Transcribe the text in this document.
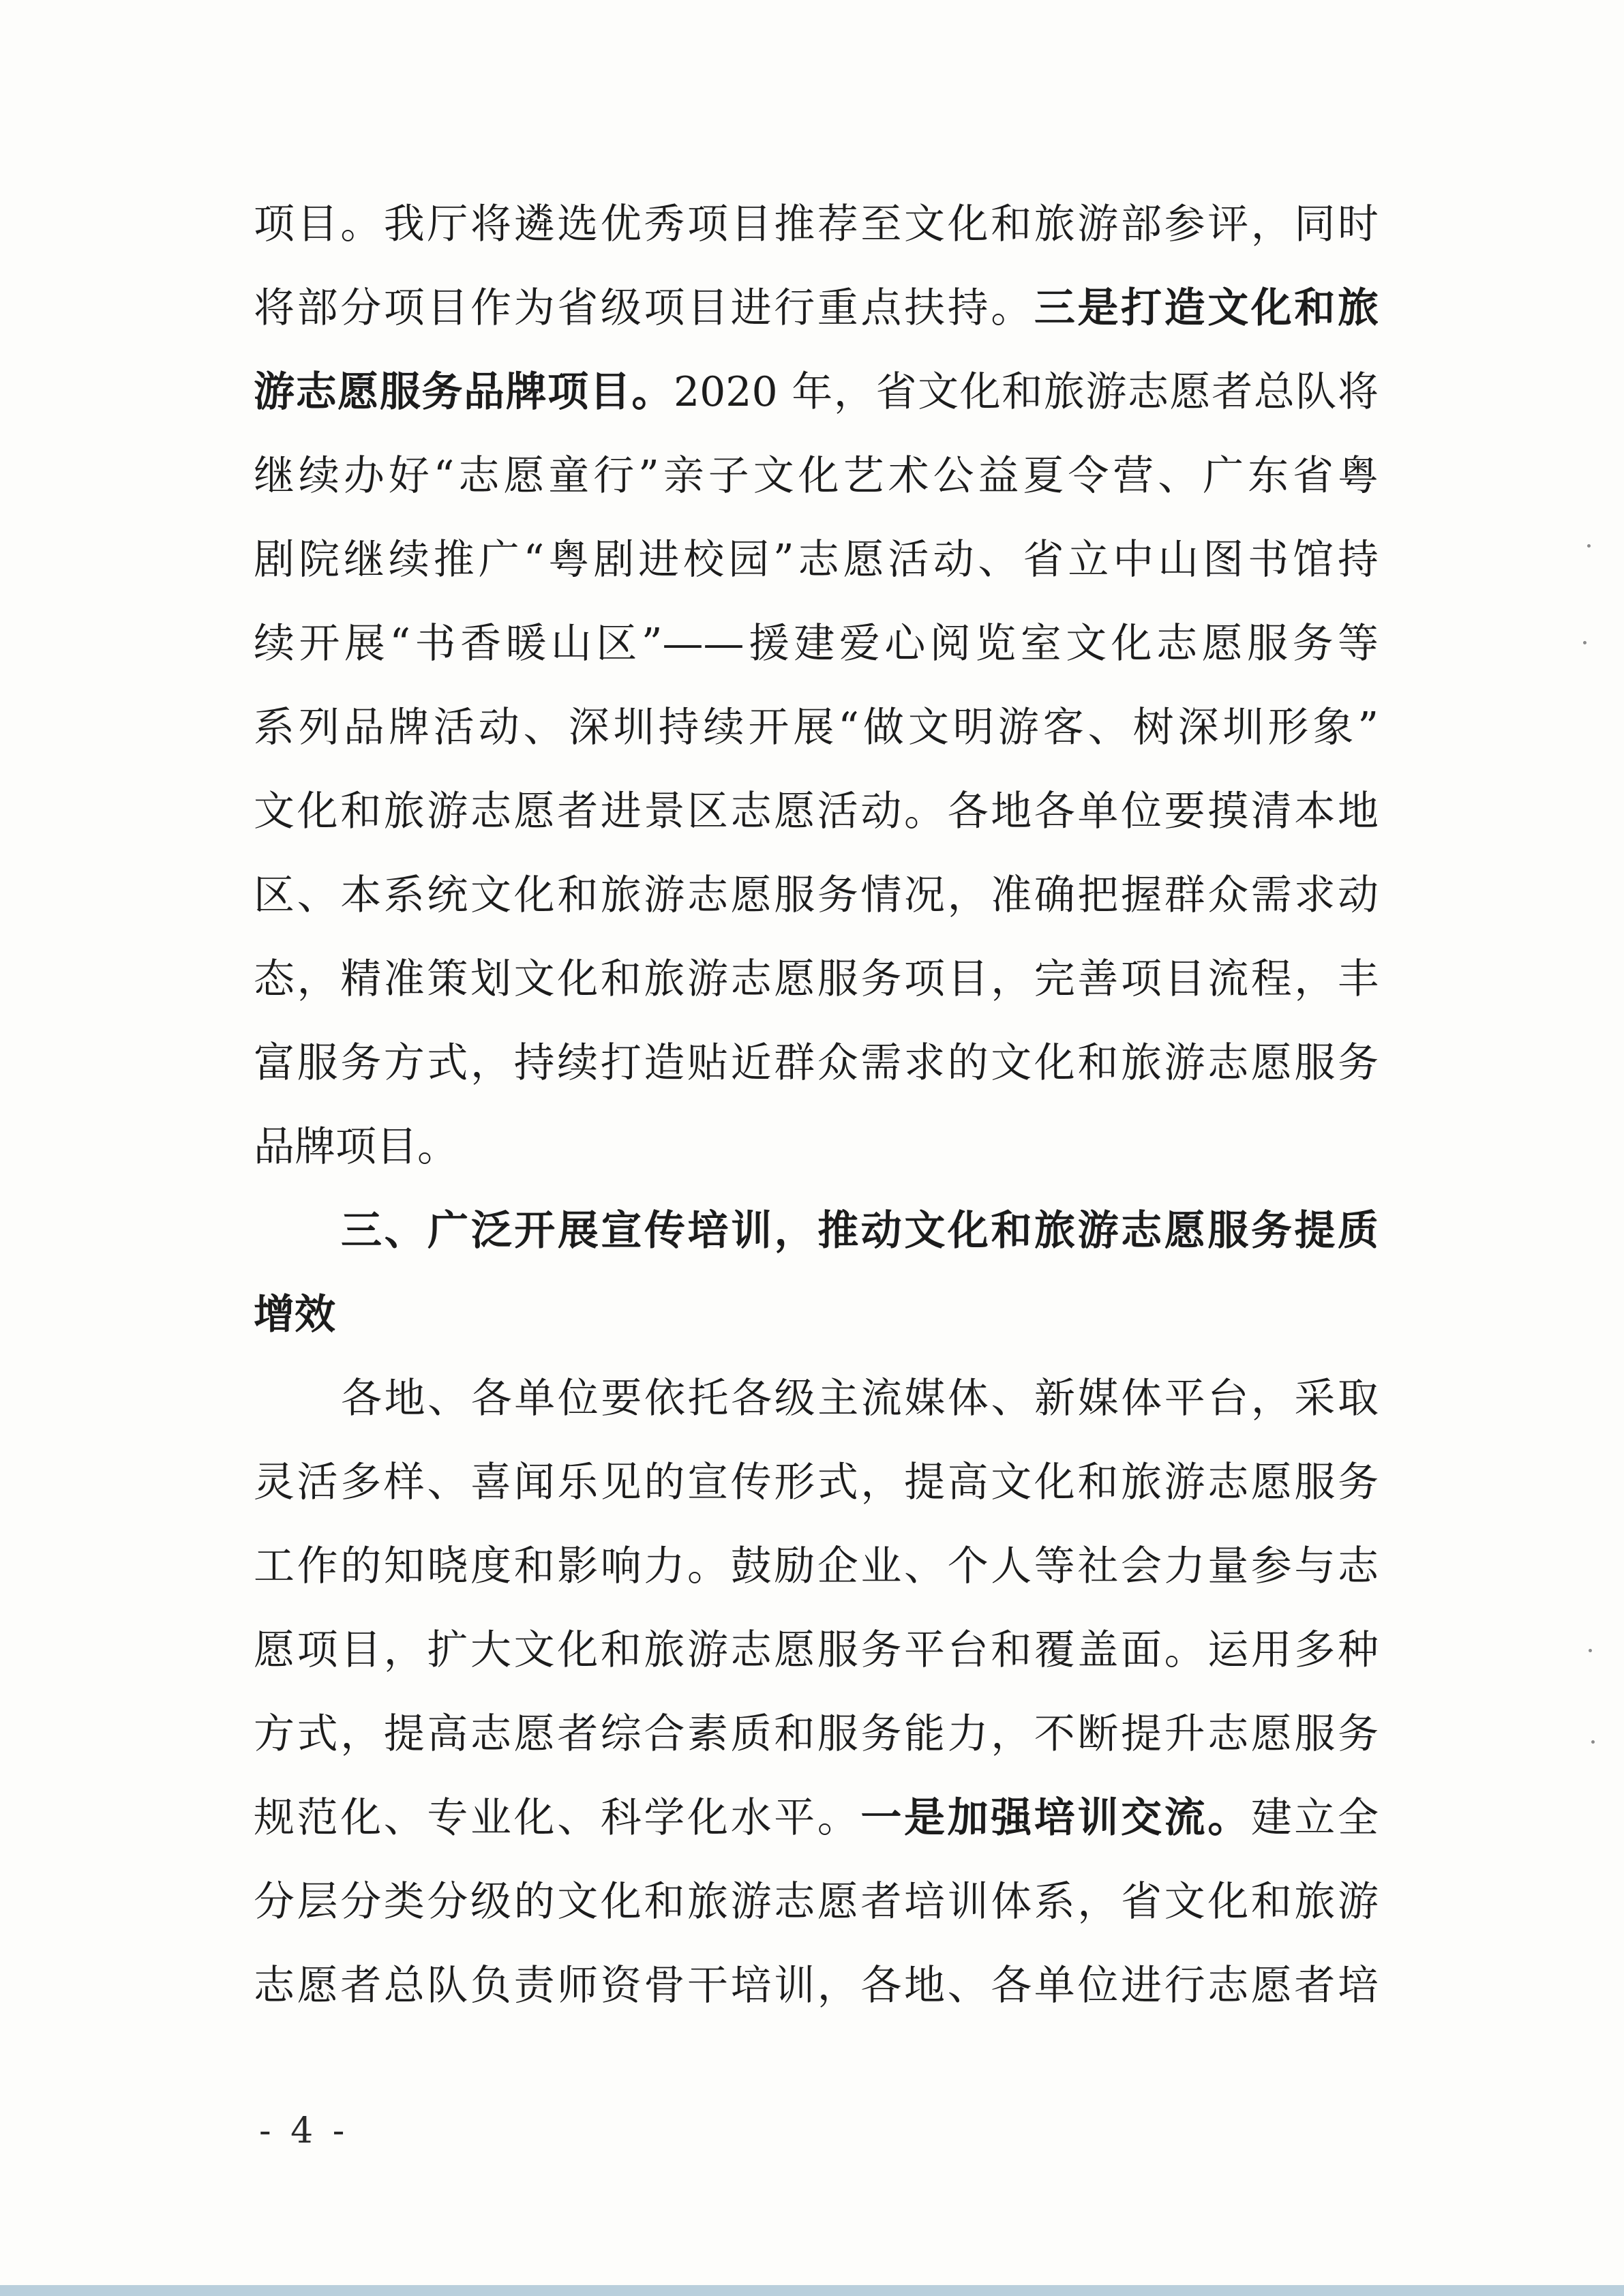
项目。我厅将遴选优秀项目推荐至文化和旅游部参评，同时
将部分项目作为省级项目进行重点扶持。三是打造文化和旅
游志愿服务品牌项目。2020 年，省文化和旅游志愿者总队将
继续办好“志愿童行”亲子文化艺术公益夏令营、广东省粤
剧院继续推广“粤剧进校园”志愿活动、省立中山图书馆持
续开展“书香暖山区”——援建爱心阅览室文化志愿服务等
系列品牌活动、深圳持续开展“做文明游客、树深圳形象”
文化和旅游志愿者进景区志愿活动。各地各单位要摸清本地
区、本系统文化和旅游志愿服务情况，准确把握群众需求动
态，精准策划文化和旅游志愿服务项目，完善项目流程，丰
富服务方式，持续打造贴近群众需求的文化和旅游志愿服务
品牌项目。
三、广泛开展宣传培训，推动文化和旅游志愿服务提质
增效
各地、各单位要依托各级主流媒体、新媒体平台，采取
灵活多样、喜闻乐见的宣传形式，提高文化和旅游志愿服务
工作的知晓度和影响力。鼓励企业、个人等社会力量参与志
愿项目，扩大文化和旅游志愿服务平台和覆盖面。运用多种
方式，提高志愿者综合素质和服务能力，不断提升志愿服务
规范化、专业化、科学化水平。一是加强培训交流。建立全
分层分类分级的文化和旅游志愿者培训体系，省文化和旅游
志愿者总队负责师资骨干培训，各地、各单位进行志愿者培
- 4 -
